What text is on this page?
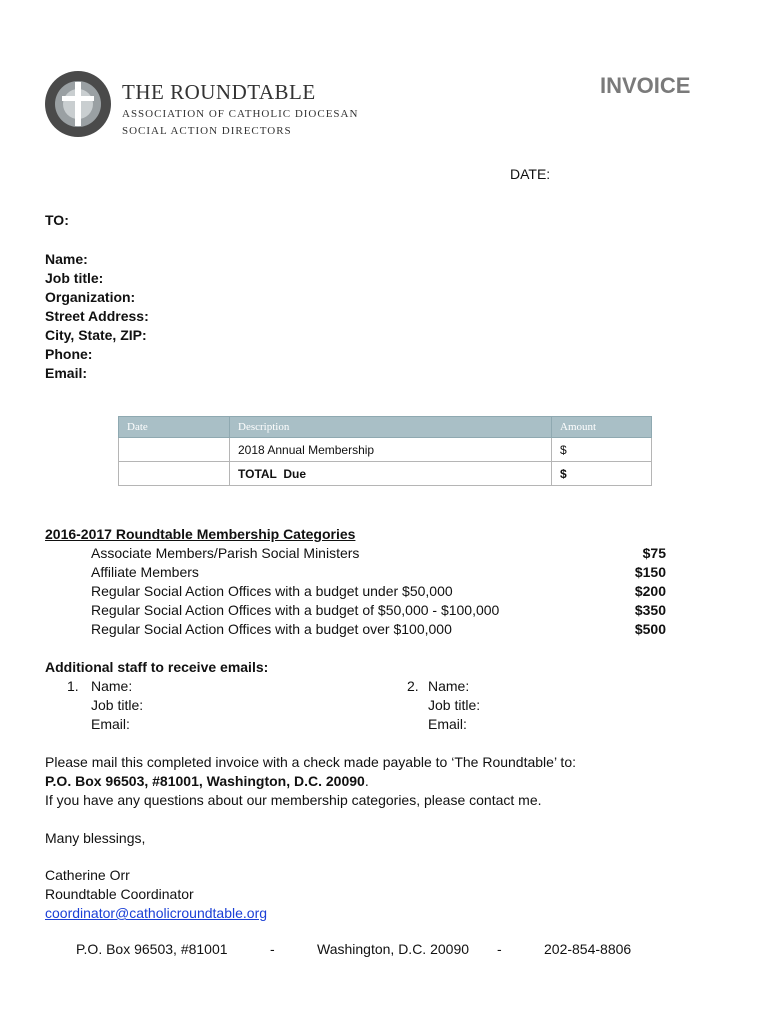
THE ROUNDTABLE
ASSOCIATION OF CATHOLIC DIOCESAN
SOCIAL ACTION DIRECTORS
INVOICE
DATE:
TO:
Name:
Job title:
Organization:
Street Address:
City, State, ZIP:
Phone:
Email:
Date	Description	Amount
	2018 Annual Membership	$
	TOTAL  Due	$
2016-2017 Roundtable Membership Categories
Associate Members/Parish Social Ministers	$75
Affiliate Members	$150
Regular Social Action Offices with a budget under $50,000	$200
Regular Social Action Offices with a budget of $50,000 - $100,000	$350
Regular Social Action Offices with a budget over $100,000	$500
Additional staff to receive emails:
1. Name:
Job title:
Email:
2. Name:
Job title:
Email:
Please mail this completed invoice with a check made payable to ‘The Roundtable’ to:
P.O. Box 96503, #81001, Washington, D.C. 20090.
If you have any questions about our membership categories, please contact me.
Many blessings,
Catherine Orr
Roundtable Coordinator
coordinator@catholicroundtable.org
P.O. Box 96503, #81001	-	Washington, D.C. 20090 -	202-854-8806
